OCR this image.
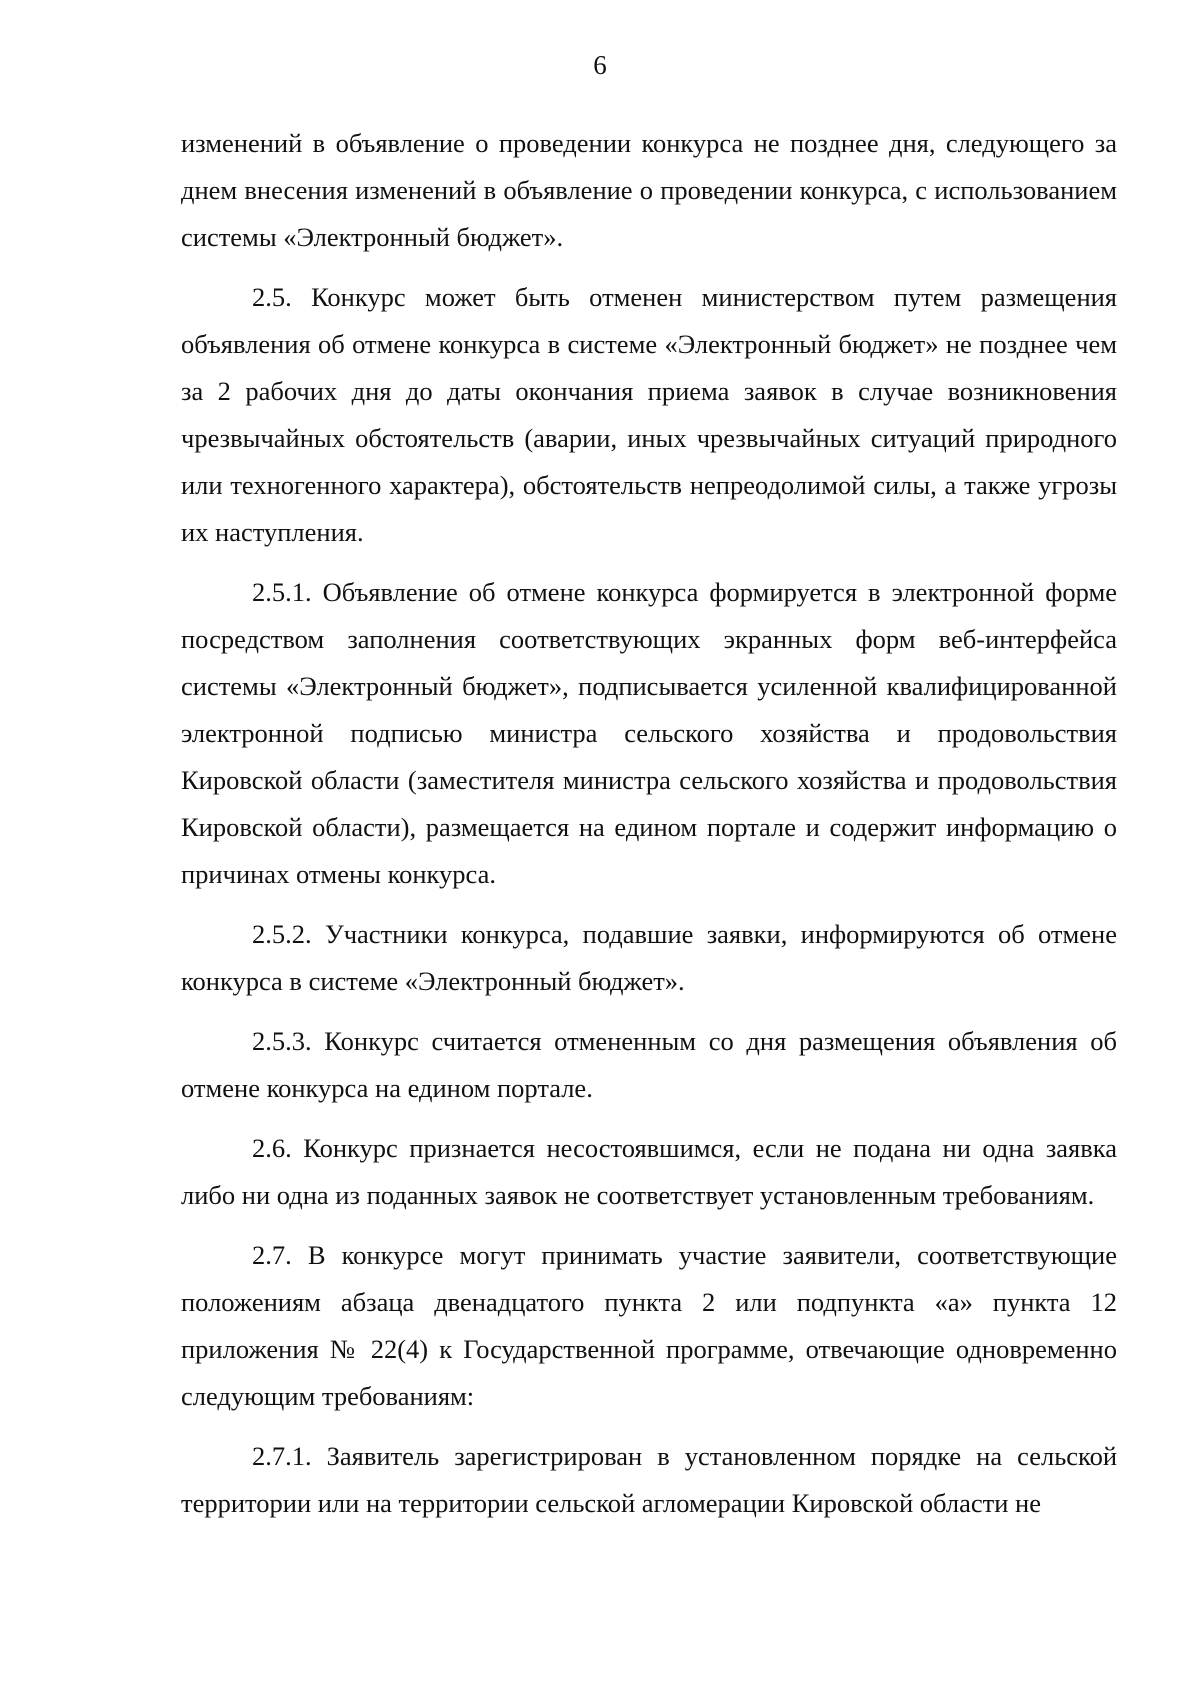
6

изменений в объявление о проведении конкурса не позднее дня, следующего за днем внесения изменений в объявление о проведении конкурса, с использованием системы «Электронный бюджет».

2.5. Конкурс может быть отменен министерством путем размещения объявления об отмене конкурса в системе «Электронный бюджет» не позднее чем за 2 рабочих дня до даты окончания приема заявок в случае возникновения чрезвычайных обстоятельств (аварии, иных чрезвычайных ситуаций природного или техногенного характера), обстоятельств непреодолимой силы, а также угрозы их наступления.

2.5.1. Объявление об отмене конкурса формируется в электронной форме посредством заполнения соответствующих экранных форм веб-интерфейса системы «Электронный бюджет», подписывается усиленной квалифицированной электронной подписью министра сельского хозяйства и продовольствия Кировской области (заместителя министра сельского хозяйства и продовольствия Кировской области), размещается на едином портале и содержит информацию о причинах отмены конкурса.

2.5.2. Участники конкурса, подавшие заявки, информируются об отмене конкурса в системе «Электронный бюджет».

2.5.3. Конкурс считается отмененным со дня размещения объявления об отмене конкурса на едином портале.

2.6. Конкурс признается несостоявшимся, если не подана ни одна заявка либо ни одна из поданных заявок не соответствует установленным требованиям.

2.7. В конкурсе могут принимать участие заявители, соответствующие положениям абзаца двенадцатого пункта 2 или подпункта «а» пункта 12 приложения № 22(4) к Государственной программе, отвечающие одновременно следующим требованиям:

2.7.1. Заявитель зарегистрирован в установленном порядке на сельской территории или на территории сельской агломерации Кировской области не
